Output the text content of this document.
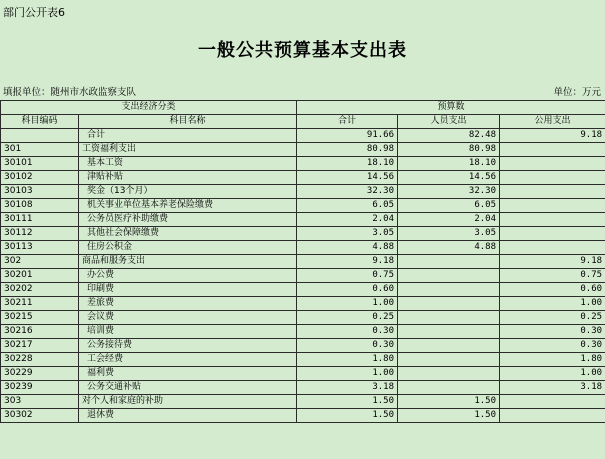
部门公开表6
一般公共预算基本支出表
填报单位：随州市水政监察支队	单位：万元
支出经济分类		预算数		
科目编码	科目名称	合计	人员支出	公用支出
	合计	91.66	82.48	9.18
301	工资福利支出	80.98	80.98	
30101	基本工资	18.10	18.10	
30102	津贴补贴	14.56	14.56	
30103	奖金（13个月）	32.30	32.30	
30108	机关事业单位基本养老保险缴费	6.05	6.05	
30111	公务员医疗补助缴费	2.04	2.04	
30112	其他社会保障缴费	3.05	3.05	
30113	住房公积金	4.88	4.88	
302	商品和服务支出	9.18		9.18
30201	办公费	0.75		0.75
30202	印刷费	0.60		0.60
30211	差旅费	1.00		1.00
30215	会议费	0.25		0.25
30216	培训费	0.30		0.30
30217	公务接待费	0.30		0.30
30228	工会经费	1.80		1.80
30229	福利费	1.00		1.00
30239	公务交通补贴	3.18		3.18
303	对个人和家庭的补助	1.50	1.50	
30302	退休费	1.50	1.50	
